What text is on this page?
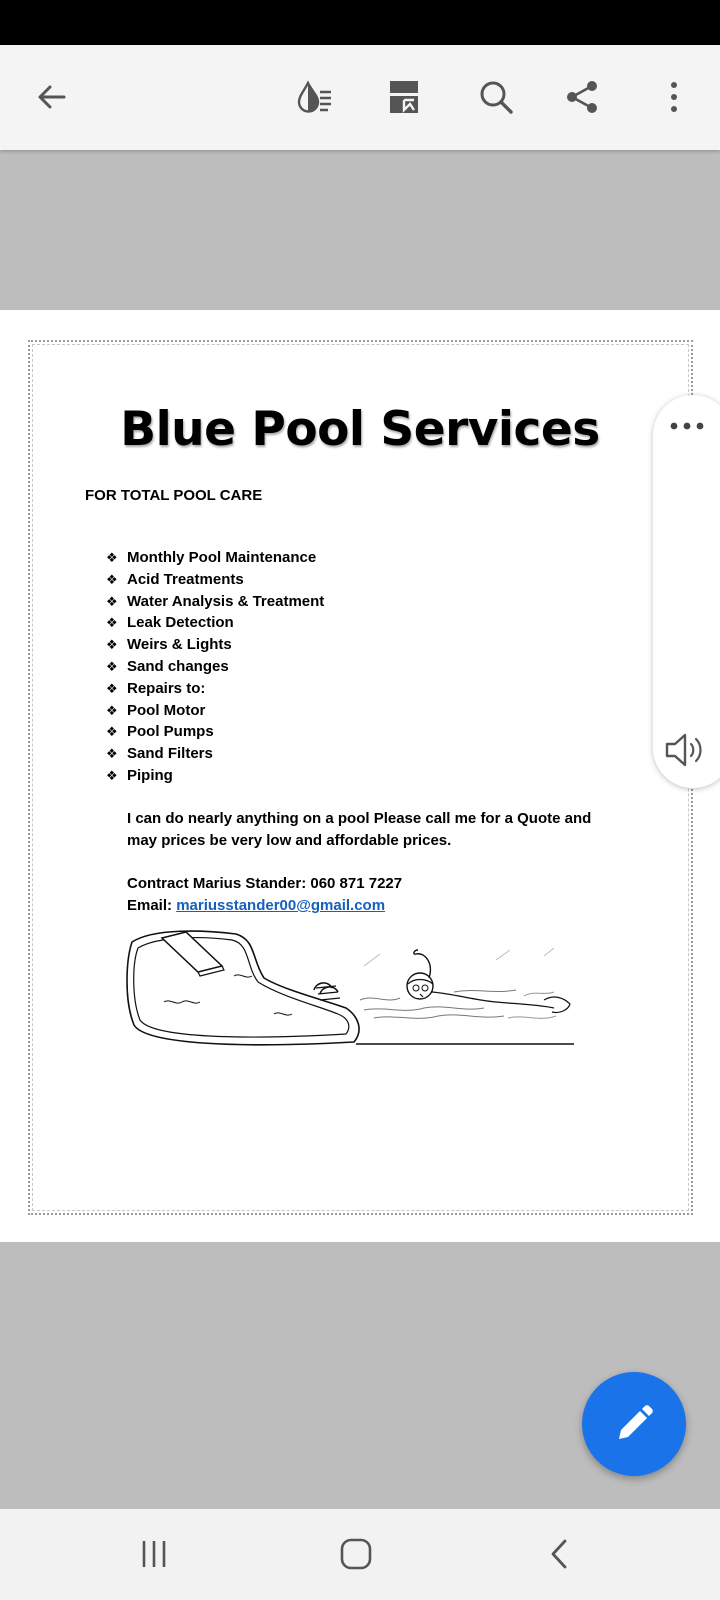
Blue Pool Services
FOR TOTAL POOL CARE
❖ Monthly Pool Maintenance
❖ Acid Treatments
❖ Water Analysis & Treatment
❖ Leak Detection
❖ Weirs & Lights
❖ Sand changes
❖ Repairs to:
❖ Pool Motor
❖ Pool Pumps
❖ Sand Filters
❖ Piping
I can do nearly anything on a pool Please call me for a Quote and may prices be very low and affordable prices.
Contract Marius Stander: 060 871 7227
Email: mariusstander00@gmail.com
